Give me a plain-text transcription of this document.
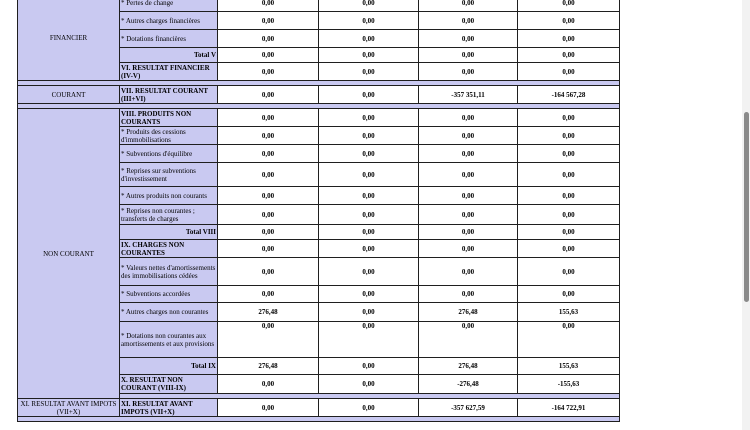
FINANCIER	* Pertes de change	0,00	0,00	0,00	0,00
	* Autres charges financières	0,00	0,00	0,00	0,00
	* Dotations financières	0,00	0,00	0,00	0,00
	Total V	0,00	0,00	0,00	0,00
	VI. RESULTAT FINANCIER (IV-V)	0,00	0,00	0,00	0,00

COURANT	VII. RESULTAT COURANT (III+VI)	0,00	0,00	-357 351,11	-164 567,28

NON COURANT	VIII. PRODUITS NON COURANTS	0,00	0,00	0,00	0,00
	* Produits des cessions d'immobilisations	0,00	0,00	0,00	0,00
	* Subventions d'équilibre	0,00	0,00	0,00	0,00
	* Reprises sur subventions d'investissement	0,00	0,00	0,00	0,00
	* Autres produits non courants	0,00	0,00	0,00	0,00
	* Reprises non courantes ; transferts de charges	0,00	0,00	0,00	0,00
	Total VIII	0,00	0,00	0,00	0,00
	IX. CHARGES NON COURANTES	0,00	0,00	0,00	0,00
	* Valeurs nettes d'amortissements des immobilisations cédées	0,00	0,00	0,00	0,00
	* Subventions accordées	0,00	0,00	0,00	0,00
	* Autres charges non courantes	276,48	0,00	276,48	155,63
	* Dotations non courantes aux amortissements et aux provisions	0,00	0,00	0,00	0,00
	Total IX	276,48	0,00	276,48	155,63
	X. RESULTAT NON COURANT (VIII-IX)	0,00	0,00	-276,48	-155,63

XI. RESULTAT AVANT IMPOTS (VII+X)	XI. RESULTAT AVANT IMPOTS (VII+X)	0,00	0,00	-357 627,59	-164 722,91
